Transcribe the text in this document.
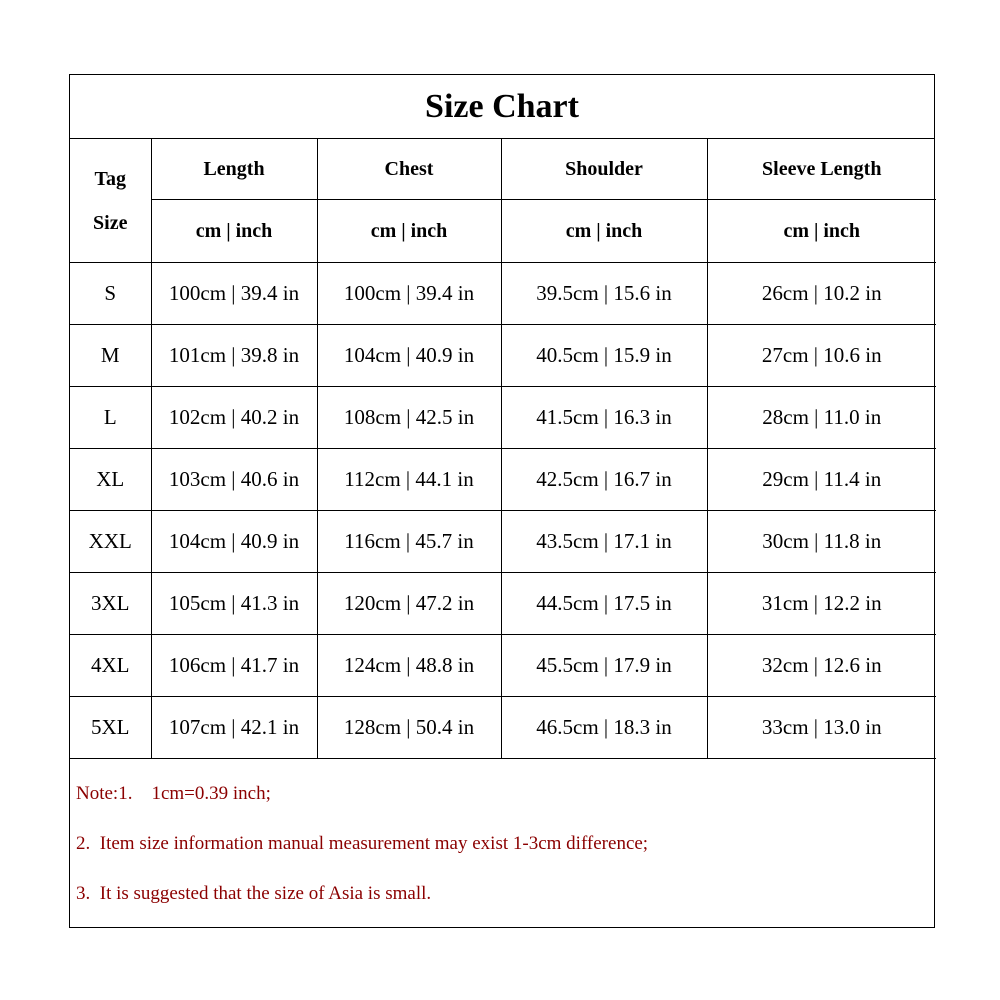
Size Chart
Tag
Size	Length	Chest	Shoulder	Sleeve Length
	cm | inch	cm | inch	cm | inch	cm | inch
S	100cm | 39.4 in	100cm | 39.4 in	39.5cm | 15.6 in	26cm | 10.2 in
M	101cm | 39.8 in	104cm | 40.9 in	40.5cm | 15.9 in	27cm | 10.6 in
L	102cm | 40.2 in	108cm | 42.5 in	41.5cm | 16.3 in	28cm | 11.0 in
XL	103cm | 40.6 in	112cm | 44.1 in	42.5cm | 16.7 in	29cm | 11.4 in
XXL	104cm | 40.9 in	116cm | 45.7 in	43.5cm | 17.1 in	30cm | 11.8 in
3XL	105cm | 41.3 in	120cm | 47.2 in	44.5cm | 17.5 in	31cm | 12.2 in
4XL	106cm | 41.7 in	124cm | 48.8 in	45.5cm | 17.9 in	32cm | 12.6 in
5XL	107cm | 42.1 in	128cm | 50.4 in	46.5cm | 18.3 in	33cm | 13.0 in
Note:1.    1cm=0.39 inch;
2.  Item size information manual measurement may exist 1-3cm difference;
3.  It is suggested that the size of Asia is small.
